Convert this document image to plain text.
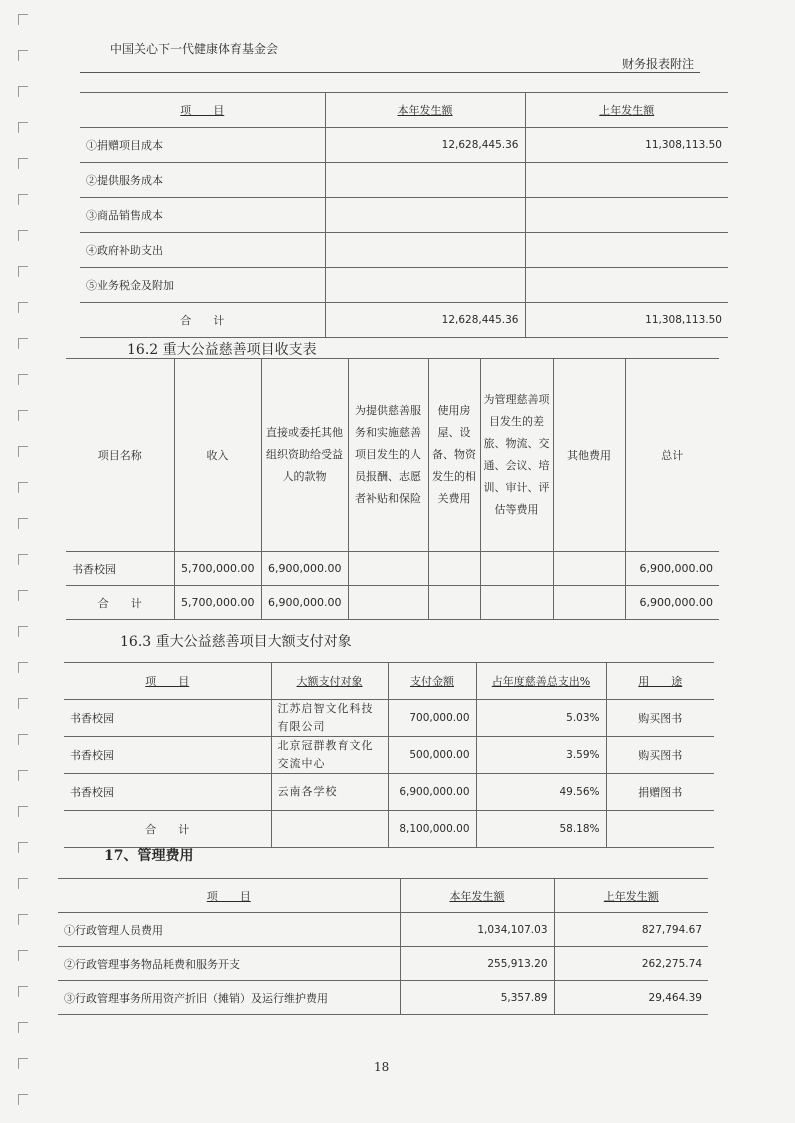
中国关心下一代健康体育基金会
财务报表附注
项　　目	本年发生额	上年发生额
①捐赠项目成本	12,628,445.36	11,308,113.50
②提供服务成本		
③商品销售成本		
④政府补助支出		
⑤业务税金及附加		
合　　计	12,628,445.36	11,308,113.50
16.2 重大公益慈善项目收支表
项目名称	收入	直接或委托其他组织资助给受益人的款物	为提供慈善服务和实施慈善项目发生的人员报酬、志愿者补贴和保险	使用房屋、设备、物资发生的相关费用	为管理慈善项目发生的差旅、物流、交通、会议、培训、审计、评估等费用	其他费用	总计
书香校园	5,700,000.00	6,900,000.00					6,900,000.00
合　　计	5,700,000.00	6,900,000.00					6,900,000.00
16.3 重大公益慈善项目大额支付对象
项　　目	大额支付对象	支付金额	占年度慈善总支出%	用　　途
书香校园	江苏启智文化科技有限公司	700,000.00	5.03%	购买图书
书香校园	北京冠群教育文化交流中心	500,000.00	3.59%	购买图书
书香校园	云南各学校	6,900,000.00	49.56%	捐赠图书
合　　计		8,100,000.00	58.18%	
17、管理费用
项　　目	本年发生额	上年发生额
①行政管理人员费用	1,034,107.03	827,794.67
②行政管理事务物品耗费和服务开支	255,913.20	262,275.74
③行政管理事务所用资产折旧（摊销）及运行维护费用	5,357.89	29,464.39
18
